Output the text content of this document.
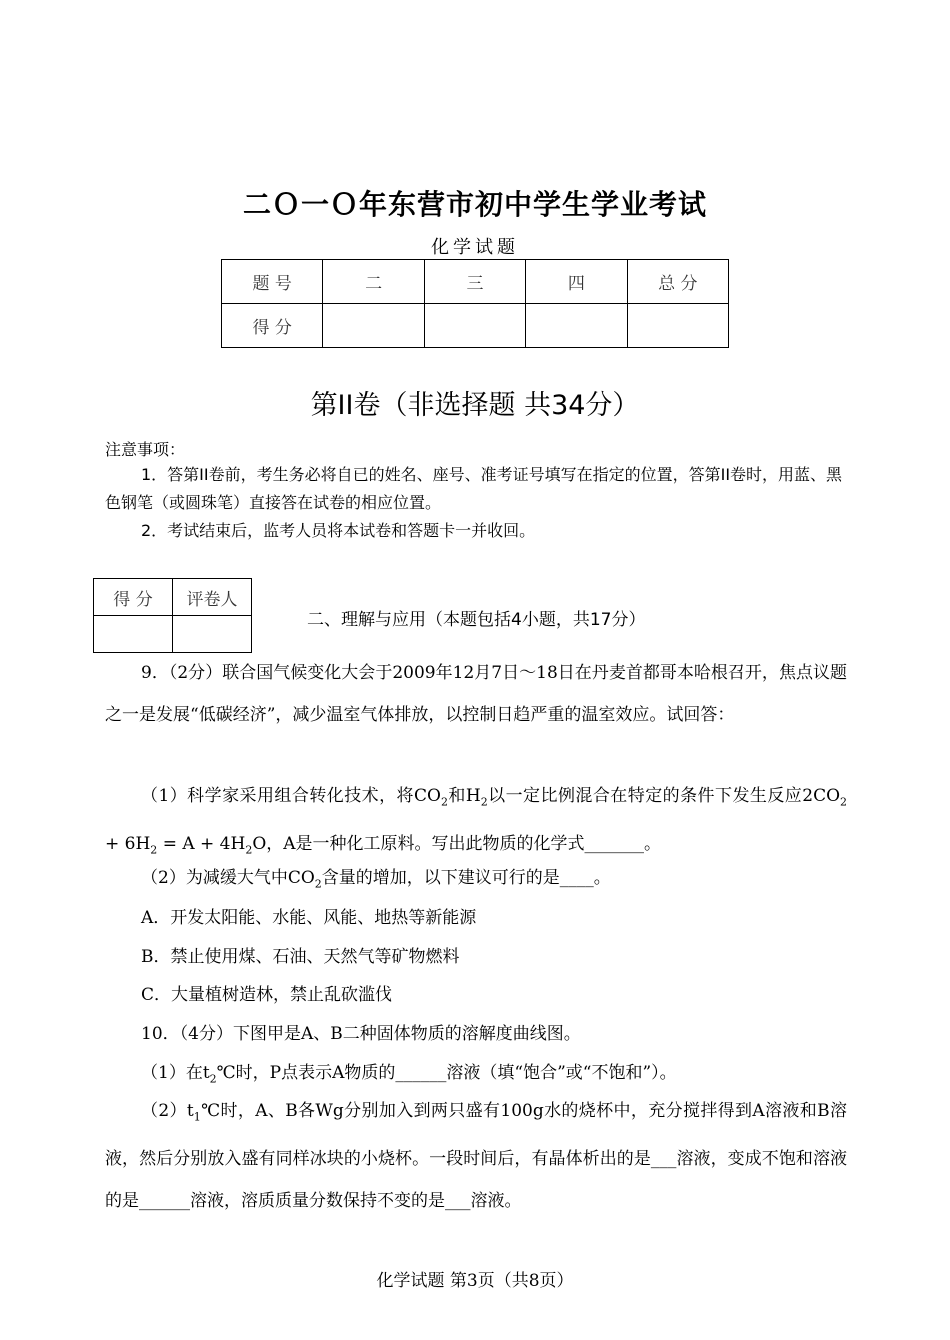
二Ｏ一Ｏ年东营市初中学生学业考试
化学试题
题 号	二	三	四	总 分
得 分				
第II卷（非选择题 共34分）
注意事项：
1．答第II卷前，考生务必将自已的姓名、座号、准考证号填写在指定的位置，答第II卷时，用蓝、黑色钢笔（或圆珠笔）直接答在试卷的相应位置。
2．考试结束后，监考人员将本试卷和答题卡一并收回。
得 分	评卷人

二、理解与应用（本题包括4小题，共17分）
9．（2分）联合国气候变化大会于2009年12月7日～18日在丹麦首都哥本哈根召开，焦点议题之一是发展“低碳经济”，减少温室气体排放，以控制日趋严重的温室效应。试回答：
（1）科学家采用组合转化技术，将$CO_2$和$H_2$以一定比例混合在特定的条件下发生反应$2CO_2 + 6H_2 = A + 4H_2O$，A是一种化工原料。写出此物质的化学式_______。
（2）为减缓大气中$CO_2$含量的增加，以下建议可行的是____。
A．开发太阳能、水能、风能、地热等新能源
B．禁止使用煤、石油、天然气等矿物燃料
C．大量植树造林，禁止乱砍滥伐
10．（4分）下图甲是A、B二种固体物质的溶解度曲线图。
（1）在$t_2℃$时，P点表示A物质的______溶液（填“饱合”或“不饱和”）。
$(2)t_1℃$时，A、B各Wg分别加入到两只盛有100g水的烧杯中，充分搅拌得到A溶液和B溶液，然后分别放入盛有同样冰块的小烧杯。一段时间后，有晶体析出的是___溶液，变成不饱和溶液的是______溶液，溶质质量分数保持不变的是___溶液。
化学试题 第3页（共8页）
